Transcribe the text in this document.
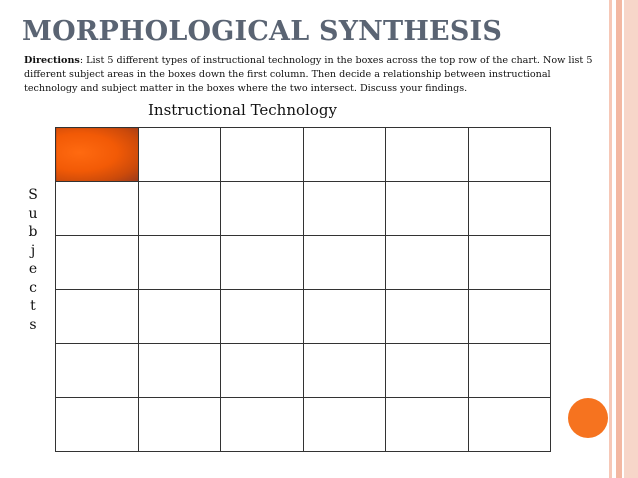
MORPHOLOGICAL SYNTHESIS
Directions: List 5 different types of instructional technology in the boxes across the top row of the chart. Now list 5 different subject areas in the boxes down the first column. Then decide a relationship between instructional technology and subject matter in the boxes where the two intersect. Discuss your findings.
Instructional Technology
S
u
b
j
e
c
t
s
